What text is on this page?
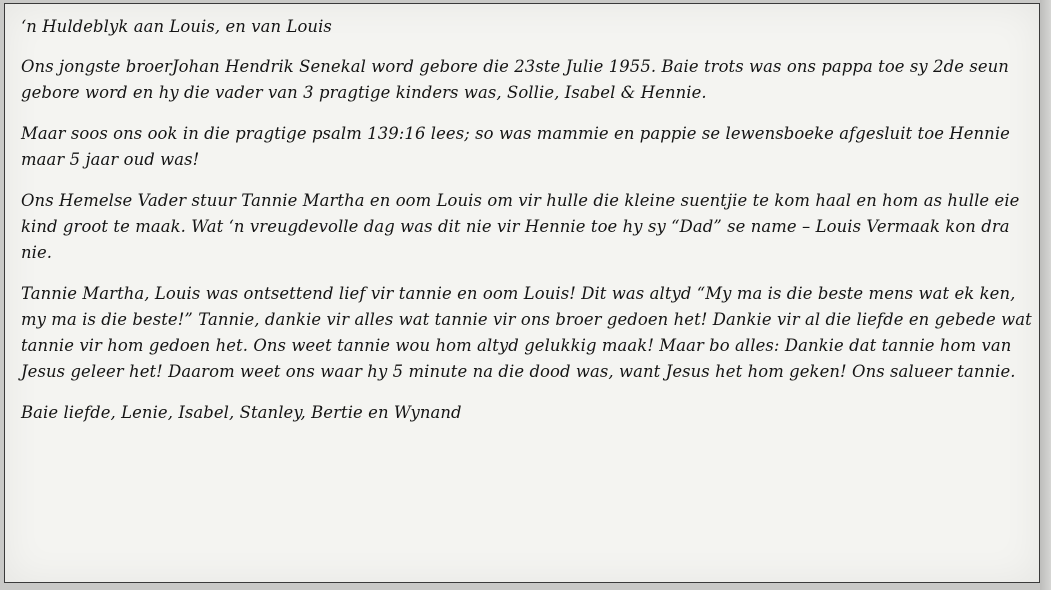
‘n Huldeblyk aan Louis, en van Louis

Ons jongste broerJohan Hendrik Senekal word gebore die 23ste Julie 1955. Baie trots was ons pappa toe sy 2de seun gebore word en hy die vader van 3 pragtige kinders was, Sollie, Isabel & Hennie.

Maar soos ons ook in die pragtige psalm 139:16 lees; so was mammie en pappie se lewensboeke afgesluit toe Hennie maar 5 jaar oud was!

Ons Hemelse Vader stuur Tannie Martha en oom Louis om vir hulle die kleine suentjie te kom haal en hom as hulle eie kind groot te maak. Wat ‘n vreugdevolle dag was dit nie vir Hennie toe hy sy “Dad” se name – Louis Vermaak kon dra nie.

Tannie Martha, Louis was ontsettend lief vir tannie en oom Louis! Dit was altyd “My ma is die beste mens wat ek ken, my ma is die beste!” Tannie, dankie vir alles wat tannie vir ons broer gedoen het! Dankie vir al die liefde en gebede wat tannie vir hom gedoen het. Ons weet tannie wou hom altyd gelukkig maak! Maar bo alles: Dankie dat tannie hom van Jesus geleer het! Daarom weet ons waar hy 5 minute na die dood was, want Jesus het hom geken! Ons salueer tannie.

Baie liefde, Lenie, Isabel, Stanley, Bertie en Wynand
